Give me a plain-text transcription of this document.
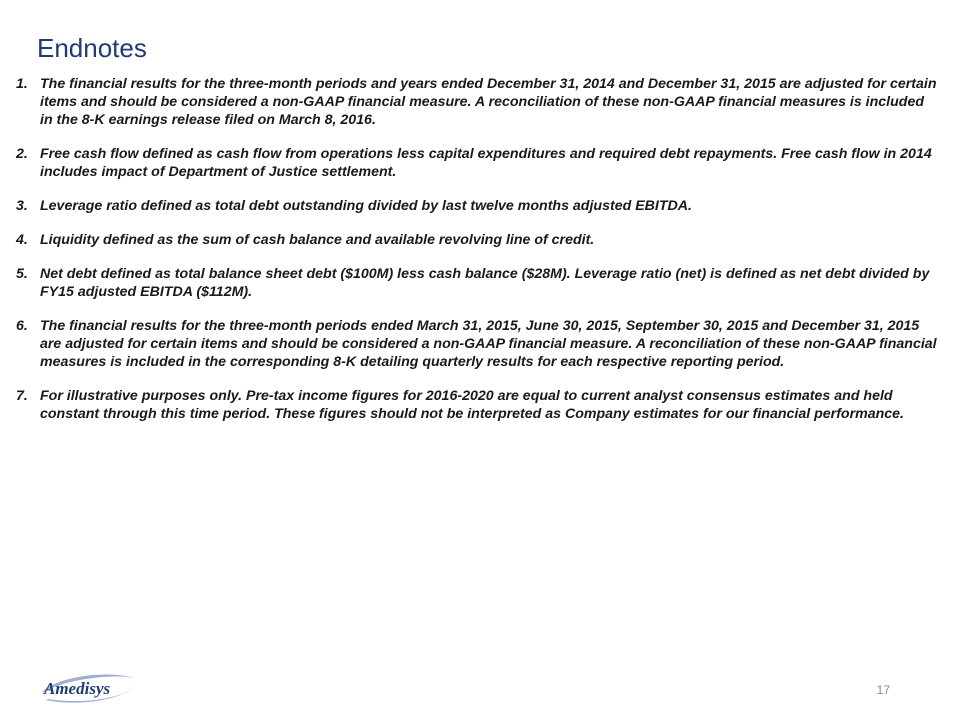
Endnotes
1. The financial results for the three-month periods and years ended December 31, 2014 and December 31, 2015 are adjusted for certain items and should be considered a non-GAAP financial measure. A reconciliation of these non-GAAP financial measures is included in the 8-K earnings release filed on March 8, 2016.
2. Free cash flow defined as cash flow from operations less capital expenditures and required debt repayments. Free cash flow in 2014 includes impact of Department of Justice settlement.
3. Leverage ratio defined as total debt outstanding divided by last twelve months adjusted EBITDA.
4. Liquidity defined as the sum of cash balance and available revolving line of credit.
5. Net debt defined as total balance sheet debt ($100M) less cash balance ($28M). Leverage ratio (net) is defined as net debt divided by FY15 adjusted EBITDA ($112M).
6. The financial results for the three-month periods ended March 31, 2015, June 30, 2015, September 30, 2015 and December 31, 2015 are adjusted for certain items and should be considered a non-GAAP financial measure. A reconciliation of these non-GAAP financial measures is included in the corresponding 8-K detailing quarterly results for each respective reporting period.
7. For illustrative purposes only. Pre-tax income figures for 2016-2020 are equal to current analyst consensus estimates and held constant through this time period. These figures should not be interpreted as Company estimates for our financial performance.
Amedisys	17
